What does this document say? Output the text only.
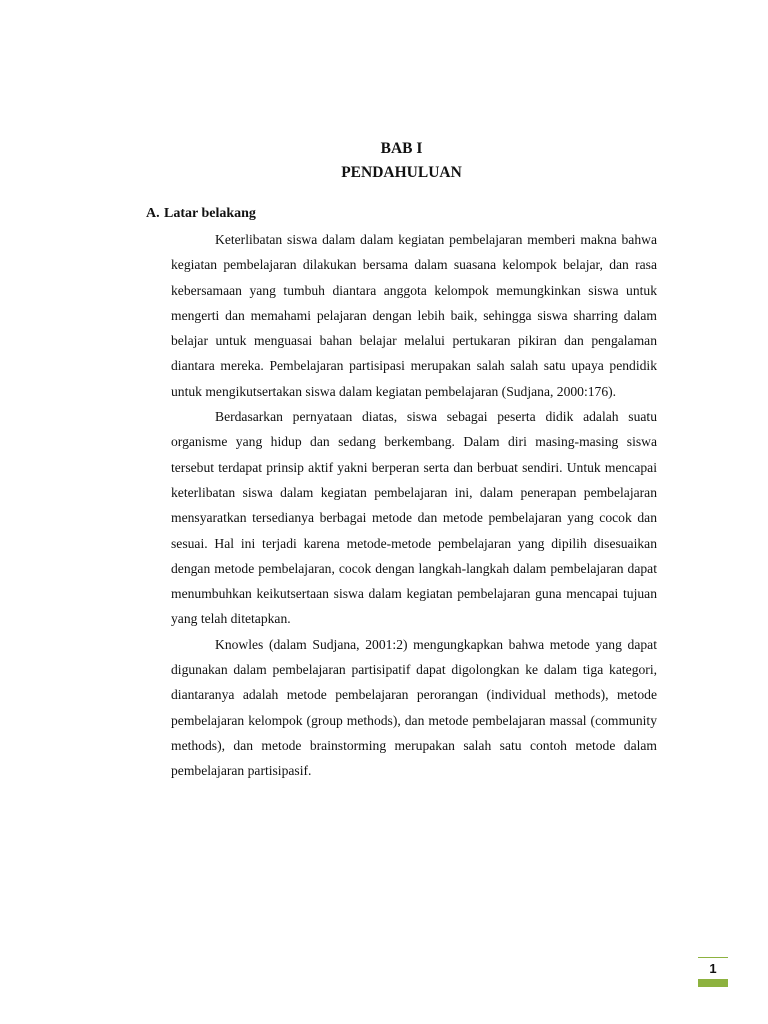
BAB I
PENDAHULUAN
A. Latar belakang

Keterlibatan siswa dalam dalam kegiatan pembelajaran memberi makna bahwa kegiatan pembelajaran dilakukan bersama dalam suasana kelompok belajar, dan rasa kebersamaan yang tumbuh diantara anggota kelompok memungkinkan siswa untuk mengerti dan memahami pelajaran dengan lebih baik, sehingga siswa sharring dalam belajar untuk menguasai bahan belajar melalui pertukaran pikiran dan pengalaman diantara mereka. Pembelajaran partisipasi merupakan salah salah satu upaya pendidik untuk mengikutsertakan siswa dalam kegiatan pembelajaran (Sudjana, 2000:176).

Berdasarkan pernyataan diatas, siswa sebagai peserta didik adalah suatu organisme yang hidup dan sedang berkembang. Dalam diri masing-masing siswa tersebut terdapat prinsip aktif yakni berperan serta dan berbuat sendiri. Untuk mencapai keterlibatan siswa dalam kegiatan pembelajaran ini, dalam penerapan pembelajaran mensyaratkan tersedianya berbagai metode dan metode pembelajaran yang cocok dan sesuai. Hal ini terjadi karena metode-metode pembelajaran yang dipilih disesuaikan dengan metode pembelajaran, cocok dengan langkah-langkah dalam pembelajaran dapat menumbuhkan keikutsertaan siswa dalam kegiatan pembelajaran guna mencapai tujuan yang telah ditetapkan.

Knowles (dalam Sudjana, 2001:2) mengungkapkan bahwa metode yang dapat digunakan dalam pembelajaran partisipatif dapat digolongkan ke dalam tiga kategori, diantaranya adalah metode pembelajaran perorangan (individual methods), metode pembelajaran kelompok (group methods), dan metode pembelajaran massal (community methods), dan metode brainstorming merupakan salah satu contoh metode dalam pembelajaran partisipasif.

1
